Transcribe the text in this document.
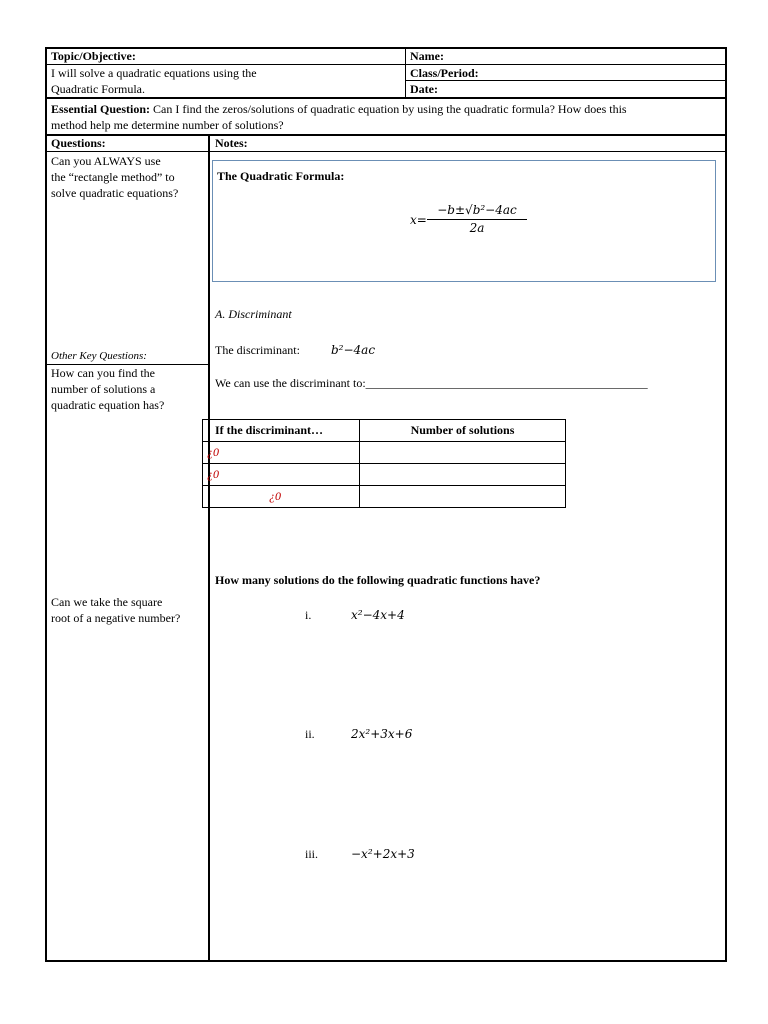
Topic/Objective:
I will solve a quadratic equations using the
Quadratic Formula.
Name:
Class/Period:
Date:
Essential Question: Can I find the zeros/solutions of quadratic equation by using the quadratic formula? How does this
method help me determine number of solutions?
Questions:	Notes:
Can you ALWAYS use
the “rectangle method” to
solve quadratic equations?
Other Key Questions:
How can you find the
number of solutions a
quadratic equation has?
Can we take the square
root of a negative number?
The Quadratic Formula:
x=
−b±√b²−4ac
2a
A. Discriminant
The discriminant:	b²−4ac
We can use the discriminant to:_______________________________________________
If the discriminant…	Number of solutions
¿0	
¿0	
¿0	
How many solutions do the following quadratic functions have?
i.	x²−4x+4
ii.	2x²+3x+6
iii.	−x²+2x+3
